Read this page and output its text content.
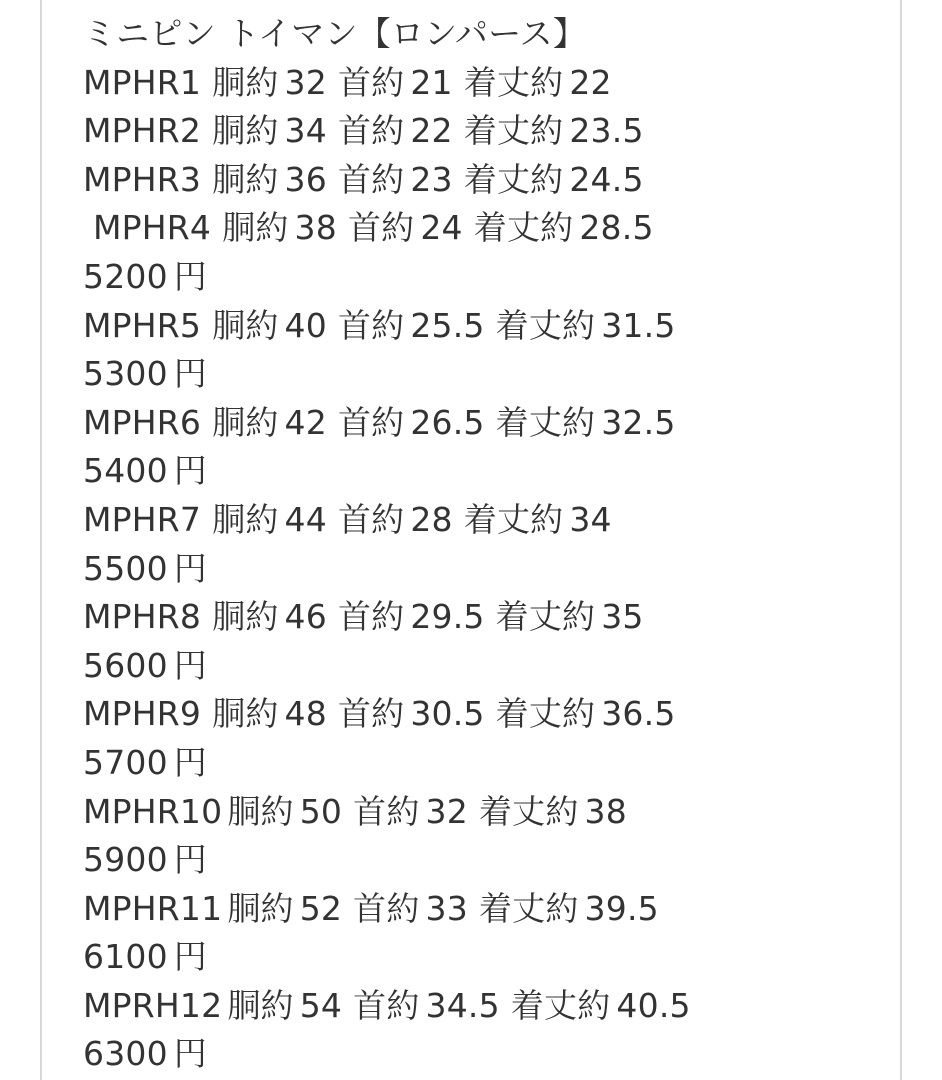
ミニピン トイマン【ロンパース】
MPHR1 胴約 32 首約 21 着丈約 22
MPHR2 胴約 34 首約 22 着丈約 23.5
MPHR3 胴約 36 首約 23 着丈約 24.5
MPHR4 胴約 38 首約 24 着丈約 28.5
5200 円
MPHR5 胴約 40 首約 25.5 着丈約 31.5
5300 円
MPHR6 胴約 42 首約 26.5 着丈約 32.5
5400 円
MPHR7 胴約 44 首約 28 着丈約 34
5500 円
MPHR8 胴約 46 首約 29.5 着丈約 35
5600 円
MPHR9 胴約 48 首約 30.5 着丈約 36.5
5700 円
MPHR10 胴約 50 首約 32 着丈約 38
5900 円
MPHR11 胴約 52 首約 33 着丈約 39.5
6100 円
MPRH12 胴約 54 首約 34.5 着丈約 40.5
6300 円
